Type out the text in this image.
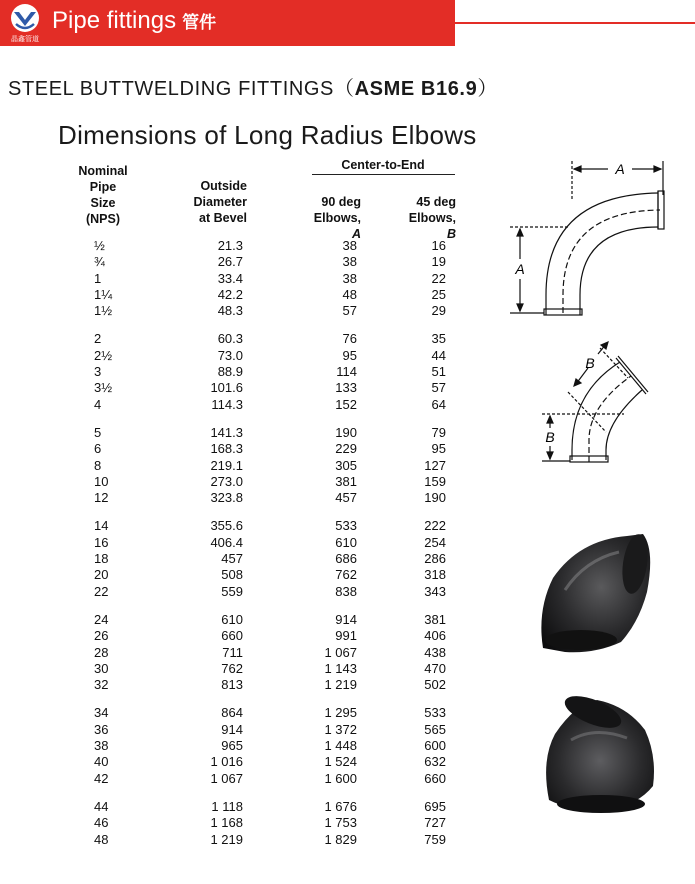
晶鑫管道
Pipe fittings 管件
STEEL BUTTWELDING FITTINGS（ASME B16.9）
Dimensions of Long Radius Elbows
Nominal
Pipe
Size
(NPS)
Outside
Diameter
at Bevel
Center-to-End

90 deg
Elbows,
A

45 deg
Elbows,
B

½	21.3	38	16
¾	26.7	38	19
1	33.4	38	22
1¼	42.2	48	25
1½	48.3	57	29
2	60.3	76	35
2½	73.0	95	44
3	88.9	114	51
3½	101.6	133	57
4	114.3	152	64
5	141.3	190	79
6	168.3	229	95
8	219.1	305	127
10	273.0	381	159
12	323.8	457	190
14	355.6	533	222
16	406.4	610	254
18	457	686	286
20	508	762	318
22	559	838	343
24	610	914	381
26	660	991	406
28	711	1 067	438
30	762	1 143	470
32	813	1 219	502
34	864	1 295	533
36	914	1 372	565
38	965	1 448	600
40	1 016	1 524	632
42	1 067	1 600	660
44	1 118	1 676	695
46	1 168	1 753	727
48	1 219	1 829	759
A
A
B
B
